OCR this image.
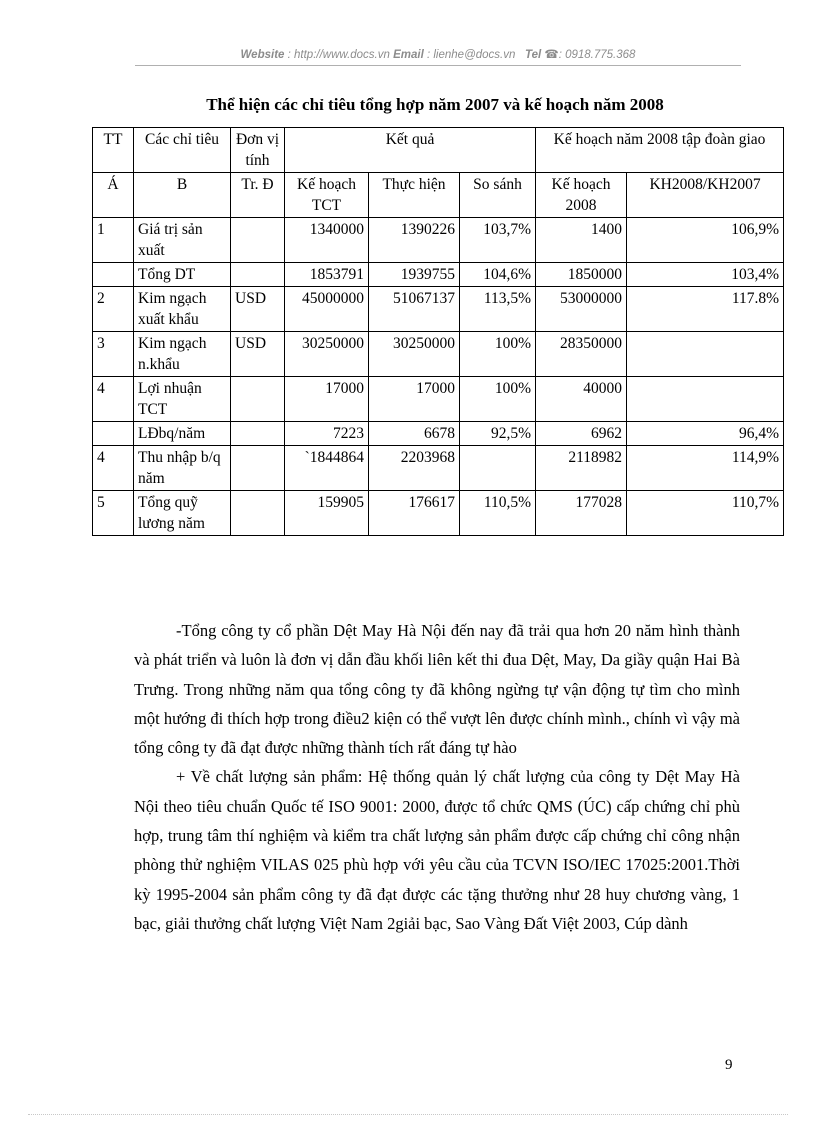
Website : http://www.docs.vn Email : lienhe@docs.vn Tel ☎: 0918.775.368
Thể hiện các chỉ tiêu tổng hợp năm 2007 và kế hoạch năm 2008
TT	Các chỉ tiêu	Đơn vị tính	Kết quả			Kế hoạch năm 2008 tập đoàn giao	
Á	B	Tr. Đ	Kế hoạch TCT	Thực hiện	So sánh	Kế hoạch 2008	KH2008/KH2007
1	Giá trị sản xuất		1340000	1390226	103,7%	1400	106,9%
	Tổng DT		1853791	1939755	104,6%	1850000	103,4%
2	Kim ngạch xuất khẩu	USD	45000000	51067137	113,5%	53000000	117.8%
3	Kim ngạch n.khẩu	USD	30250000	30250000	100%	28350000	
4	Lợi nhuận TCT		17000	17000	100%	40000	
	LĐbq/năm		7223	6678	92,5%	6962	96,4%
4	Thu nhập b/q năm		`1844864	2203968		2118982	114,9%
5	Tổng quỹ lương năm		159905	176617	110,5%	177028	110,7%

-Tổng công ty cổ phần Dệt May Hà Nội đến nay đã trải qua hơn 20 năm hình thành và phát triển và luôn là đơn vị dẫn đầu khối liên kết thi đua Dệt, May, Da giầy quận Hai Bà Trưng. Trong những năm qua tổng công ty đã không ngừng tự vận động tự tìm cho mình một hướng đi thích hợp trong điều2 kiện có thể vượt lên được chính mình., chính vì vậy mà tổng công ty đã đạt được những thành tích rất đáng tự hào

+ Về chất lượng sản phẩm: Hệ thống quản lý chất lượng của công ty Dệt May Hà Nội theo tiêu chuẩn Quốc tế ISO 9001: 2000, được tổ chức QMS (ÚC) cấp chứng chỉ phù hợp, trung tâm thí nghiệm và kiểm tra chất lượng sản phẩm được cấp chứng chỉ công nhận phòng thử nghiệm VILAS 025 phù hợp với yêu cầu của TCVN ISO/IEC 17025:2001.Thời kỳ 1995-2004 sản phẩm công ty đã đạt được các tặng thưởng như 28 huy chương vàng, 1 bạc, giải thưởng chất lượng Việt Nam 2giải bạc, Sao Vàng Đất Việt 2003, Cúp dành

9
